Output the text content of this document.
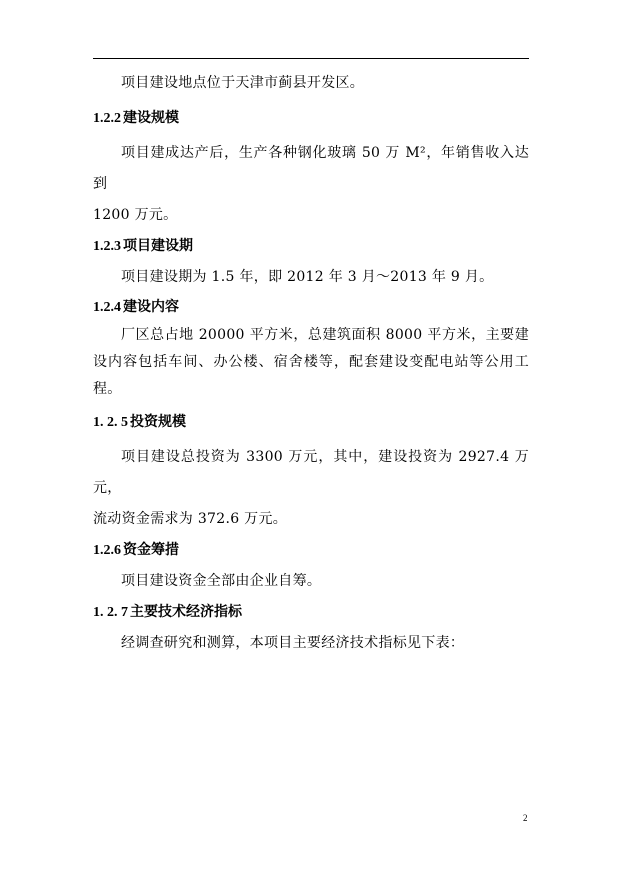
项目建设地点位于天津市蓟县开发区。

1.2.2 建设规模

项目建成达产后，生产各种钢化玻璃 50 万 M²，年销售收入达到

1200 万元。

1.2.3 项目建设期

项目建设期为 1.5 年，即 2012 年 3 月～2013 年 9 月。

1.2.4 建设内容

厂区总占地 20000 平方米，总建筑面积 8000 平方米，主要建设内容包括车间、办公楼、宿舍楼等，配套建设变配电站等公用工程。

1. 2. 5 投资规模

项目建设总投资为 3300 万元，其中，建设投资为 2927.4 万元，

流动资金需求为 372.6 万元。

1.2.6 资金筹措

项目建设资金全部由企业自筹。

1. 2. 7 主要技术经济指标

经调查研究和测算，本项目主要经济技术指标见下表：

2
